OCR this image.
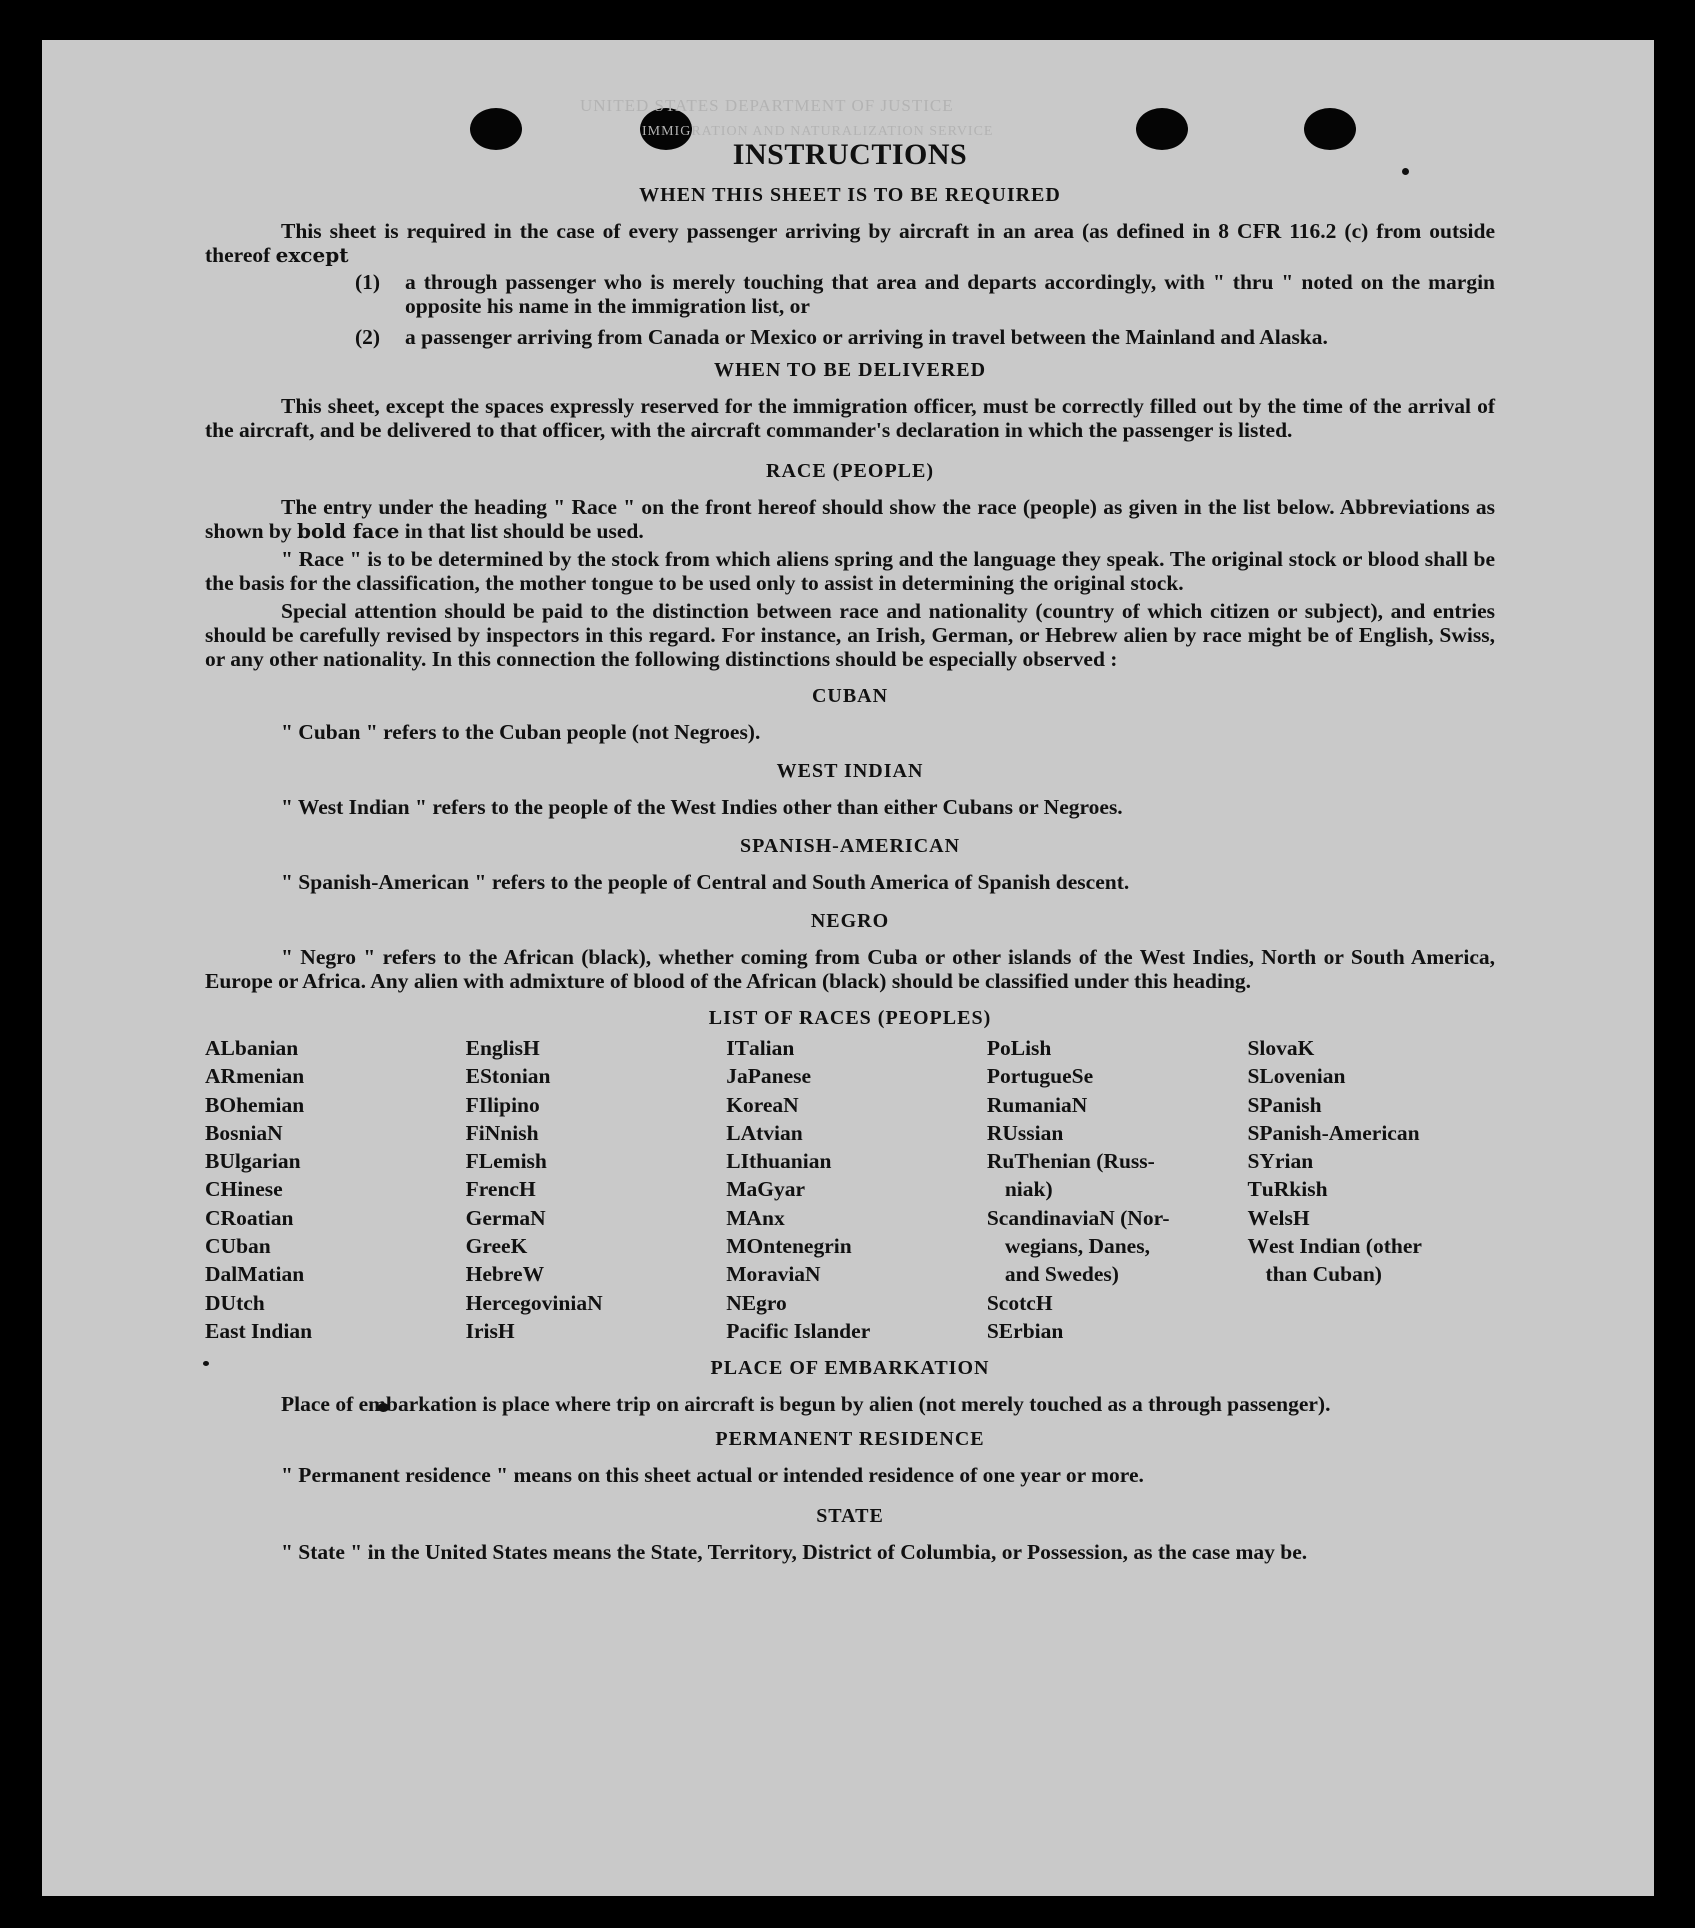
UNITED STATES DEPARTMENT OF JUSTICE
IMMIGRATION AND NATURALIZATION SERVICE
INSTRUCTIONS
WHEN THIS SHEET IS TO BE REQUIRED

This sheet is required in the case of every passenger arriving by aircraft in an area (as defined in 8 CFR 116.2 (c) from outside thereof except

(1)	a through passenger who is merely touching that area and departs accordingly, with " thru " noted on the margin opposite his name in the immigration list, or
(2)	a passenger arriving from Canada or Mexico or arriving in travel between the Mainland and Alaska.
WHEN TO BE DELIVERED

This sheet, except the spaces expressly reserved for the immigration officer, must be correctly filled out by the time of the arrival of the aircraft, and be delivered to that officer, with the aircraft commander's declaration in which the passenger is listed.

RACE (PEOPLE)

The entry under the heading " Race " on the front hereof should show the race (people) as given in the list below. Abbreviations as shown by bold face in that list should be used.

" Race " is to be determined by the stock from which aliens spring and the language they speak. The original stock or blood shall be the basis for the classification, the mother tongue to be used only to assist in determining the original stock.

Special attention should be paid to the distinction between race and nationality (country of which citizen or subject), and entries should be carefully revised by inspectors in this regard. For instance, an Irish, German, or Hebrew alien by race might be of English, Swiss, or any other nationality. In this connection the following distinctions should be especially observed :

CUBAN

" Cuban " refers to the Cuban people (not Negroes).

WEST INDIAN

" West Indian " refers to the people of the West Indies other than either Cubans or Negroes.

SPANISH-AMERICAN

" Spanish-American " refers to the people of Central and South America of Spanish descent.

NEGRO

" Negro " refers to the African (black), whether coming from Cuba or other islands of the West Indies, North or South America, Europe or Africa. Any alien with admixture of blood of the African (black) should be classified under this heading.

LIST OF RACES (PEOPLES)
ALbanian
ARmenian
BOhemian
BosniaN
BUlgarian
CHinese
CRoatian
CUban
DalMatian
DUtch
East Indian
EnglisH
EStonian
FIlipino
FiNnish
FLemish
FrencH
GermaN
GreeK
HebreW
HercegoviniaN
IrisH
ITalian
JaPanese
KoreaN
LAtvian
LIthuanian
MaGyar
MAnx
MOntenegrin
MoraviaN
NEgro
Pacific Islander
PoLish
PortugueSe
RumaniaN
RUssian
RuThenian (Russ-
niak)
ScandinaviaN (Nor-
wegians, Danes,
and Swedes)
ScotcH
SErbian
SlovaK
SLovenian
SPanish
SPanish-American
SYrian
TuRkish
WelsH
West Indian (other
than Cuban)
PLACE OF EMBARKATION

Place of embarkation is place where trip on aircraft is begun by alien (not merely touched as a through passenger).

PERMANENT RESIDENCE

" Permanent residence " means on this sheet actual or intended residence of one year or more.

STATE

" State " in the United States means the State, Territory, District of Columbia, or Possession, as the case may be.
